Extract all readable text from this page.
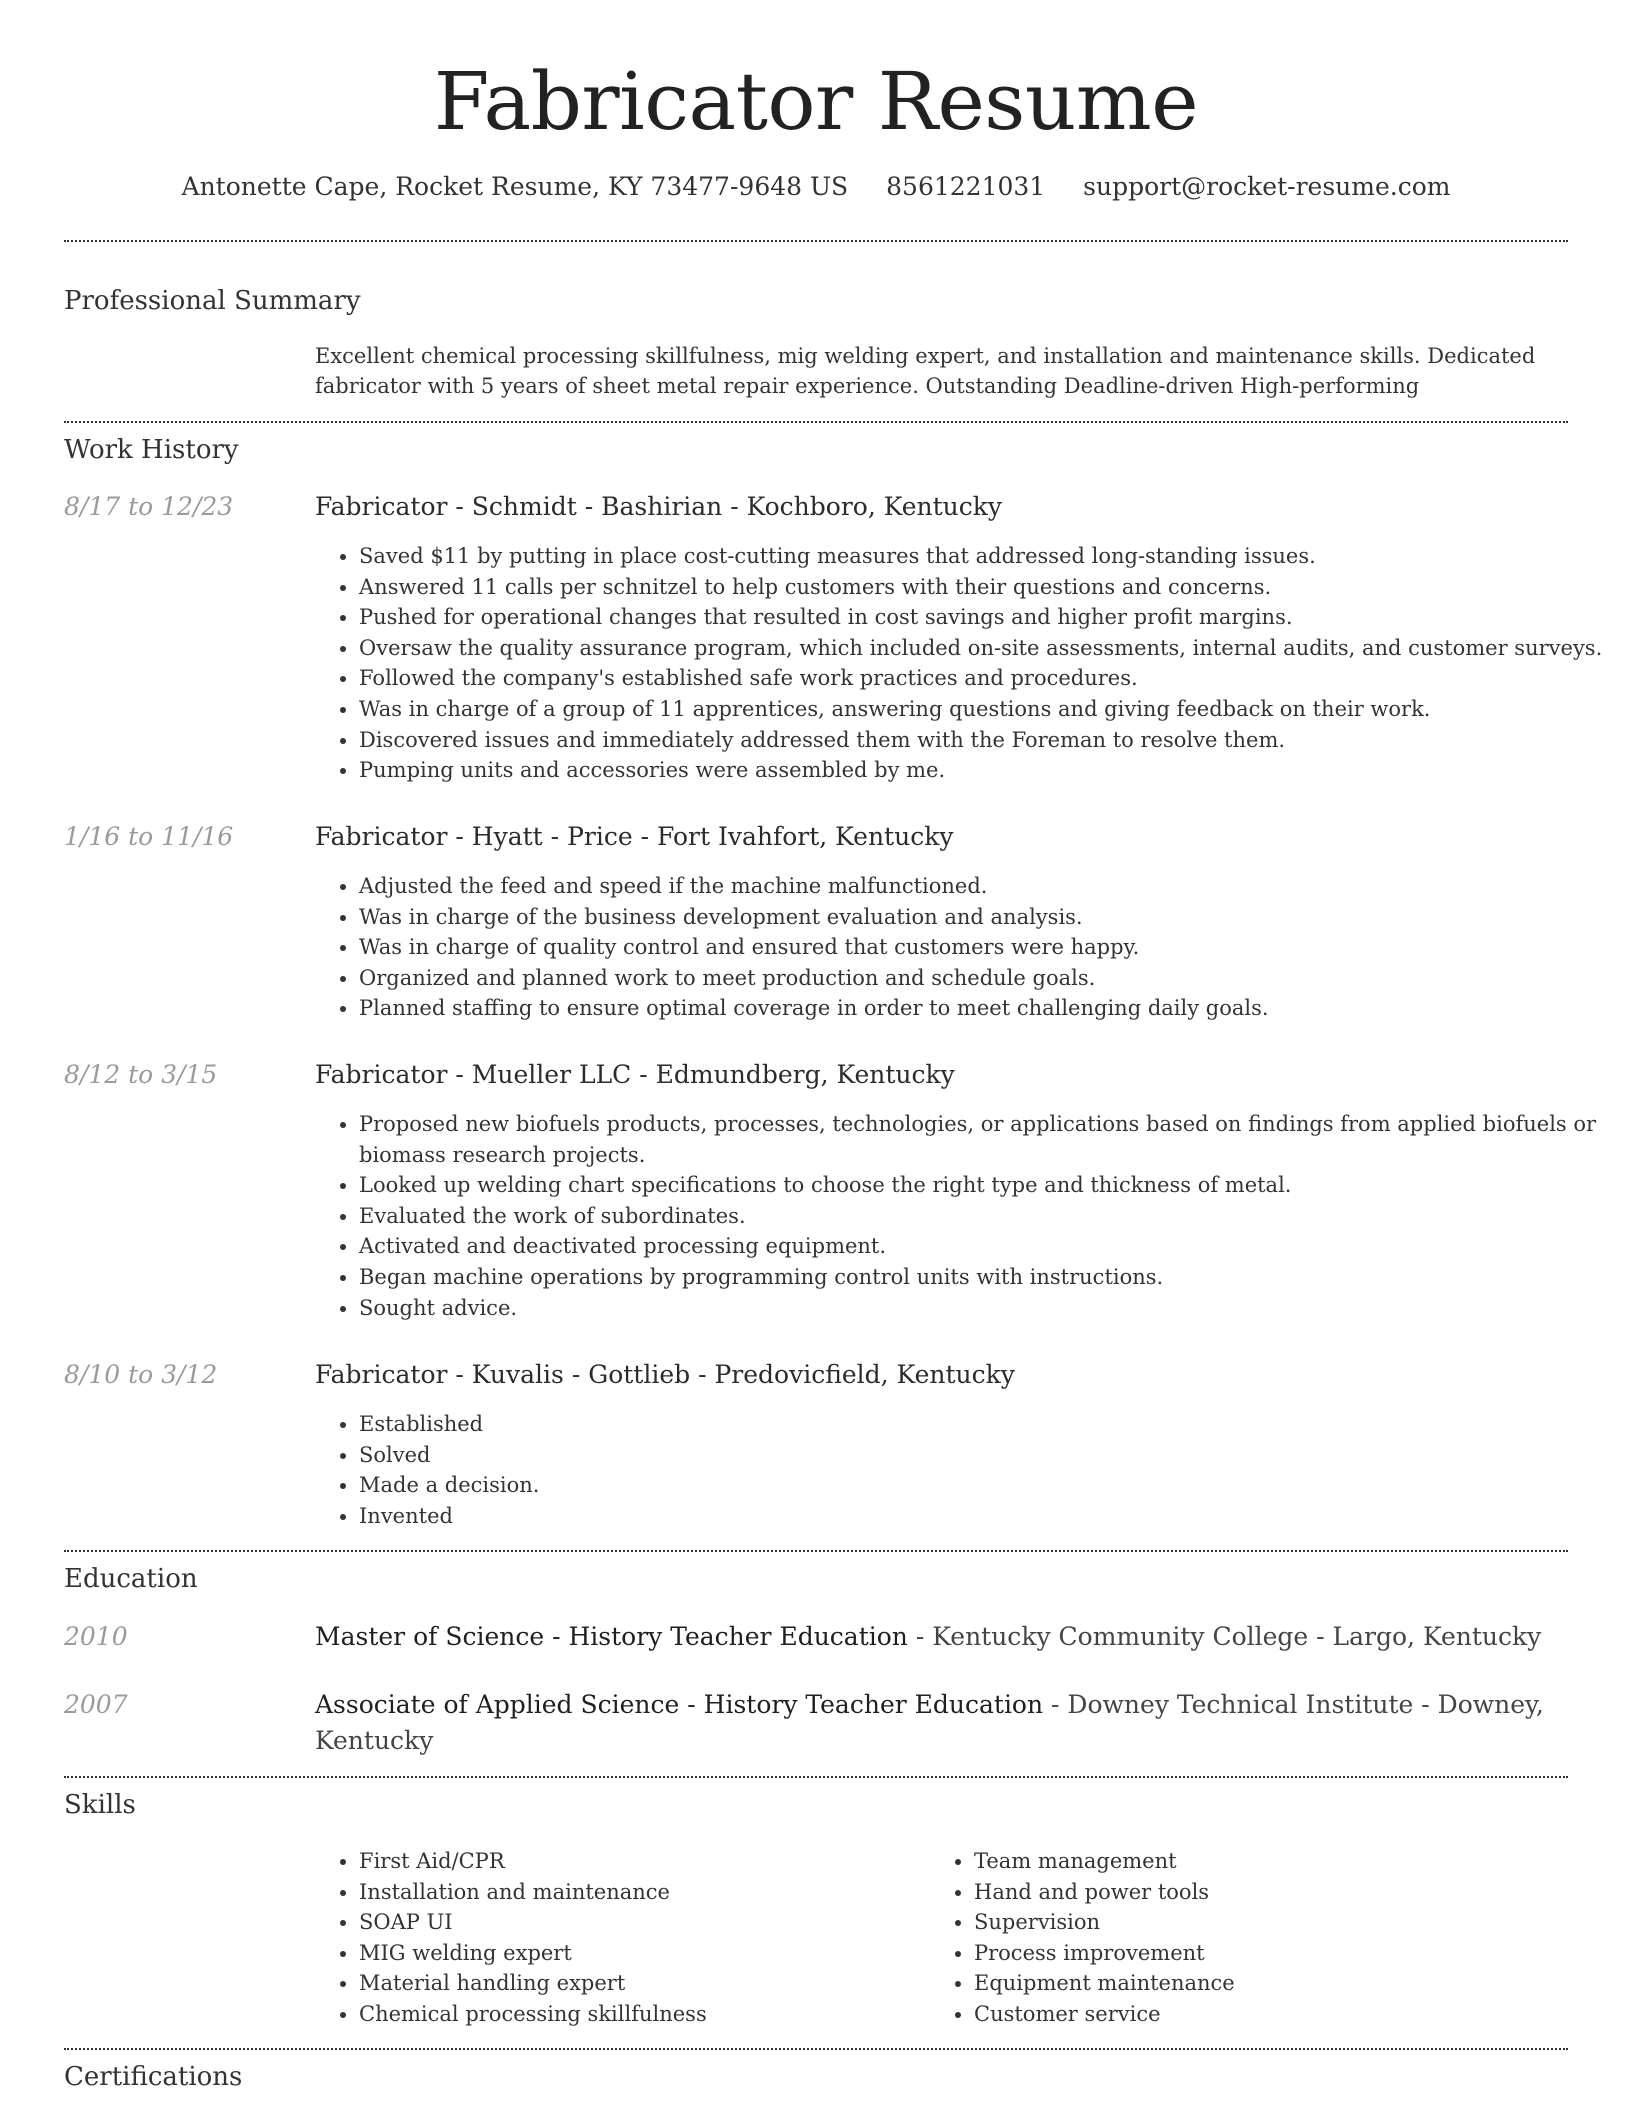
Fabricator Resume
Antonette Cape, Rocket Resume, KY 73477-9648 US 8561221031 support@rocket-resume.com
Professional Summary
Excellent chemical processing skillfulness, mig welding expert, and installation and maintenance skills. Dedicated fabricator with 5 years of sheet metal repair experience. Outstanding Deadline-driven High-performing
Work History
8/17 to 12/23	Fabricator - Schmidt - Bashirian - Kochboro, Kentucky
• Saved $11 by putting in place cost-cutting measures that addressed long-standing issues.
• Answered 11 calls per schnitzel to help customers with their questions and concerns.
• Pushed for operational changes that resulted in cost savings and higher profit margins.
• Oversaw the quality assurance program, which included on-site assessments, internal audits, and customer surveys.
• Followed the company's established safe work practices and procedures.
• Was in charge of a group of 11 apprentices, answering questions and giving feedback on their work.
• Discovered issues and immediately addressed them with the Foreman to resolve them.
• Pumping units and accessories were assembled by me.
1/16 to 11/16	Fabricator - Hyatt - Price - Fort Ivahfort, Kentucky
• Adjusted the feed and speed if the machine malfunctioned.
• Was in charge of the business development evaluation and analysis.
• Was in charge of quality control and ensured that customers were happy.
• Organized and planned work to meet production and schedule goals.
• Planned staffing to ensure optimal coverage in order to meet challenging daily goals.
8/12 to 3/15	Fabricator - Mueller LLC - Edmundberg, Kentucky
• Proposed new biofuels products, processes, technologies, or applications based on findings from applied biofuels or biomass research projects.
• Looked up welding chart specifications to choose the right type and thickness of metal.
• Evaluated the work of subordinates.
• Activated and deactivated processing equipment.
• Began machine operations by programming control units with instructions.
• Sought advice.
8/10 to 3/12	Fabricator - Kuvalis - Gottlieb - Predovicfield, Kentucky
• Established
• Solved
• Made a decision.
• Invented
Education
2010	Master of Science - History Teacher Education - Kentucky Community College - Largo, Kentucky
2007	Associate of Applied Science - History Teacher Education - Downey Technical Institute - Downey, Kentucky
Skills
• First Aid/CPR
• Installation and maintenance
• SOAP UI
• MIG welding expert
• Material handling expert
• Chemical processing skillfulness
• Team management
• Hand and power tools
• Supervision
• Process improvement
• Equipment maintenance
• Customer service
Certifications
